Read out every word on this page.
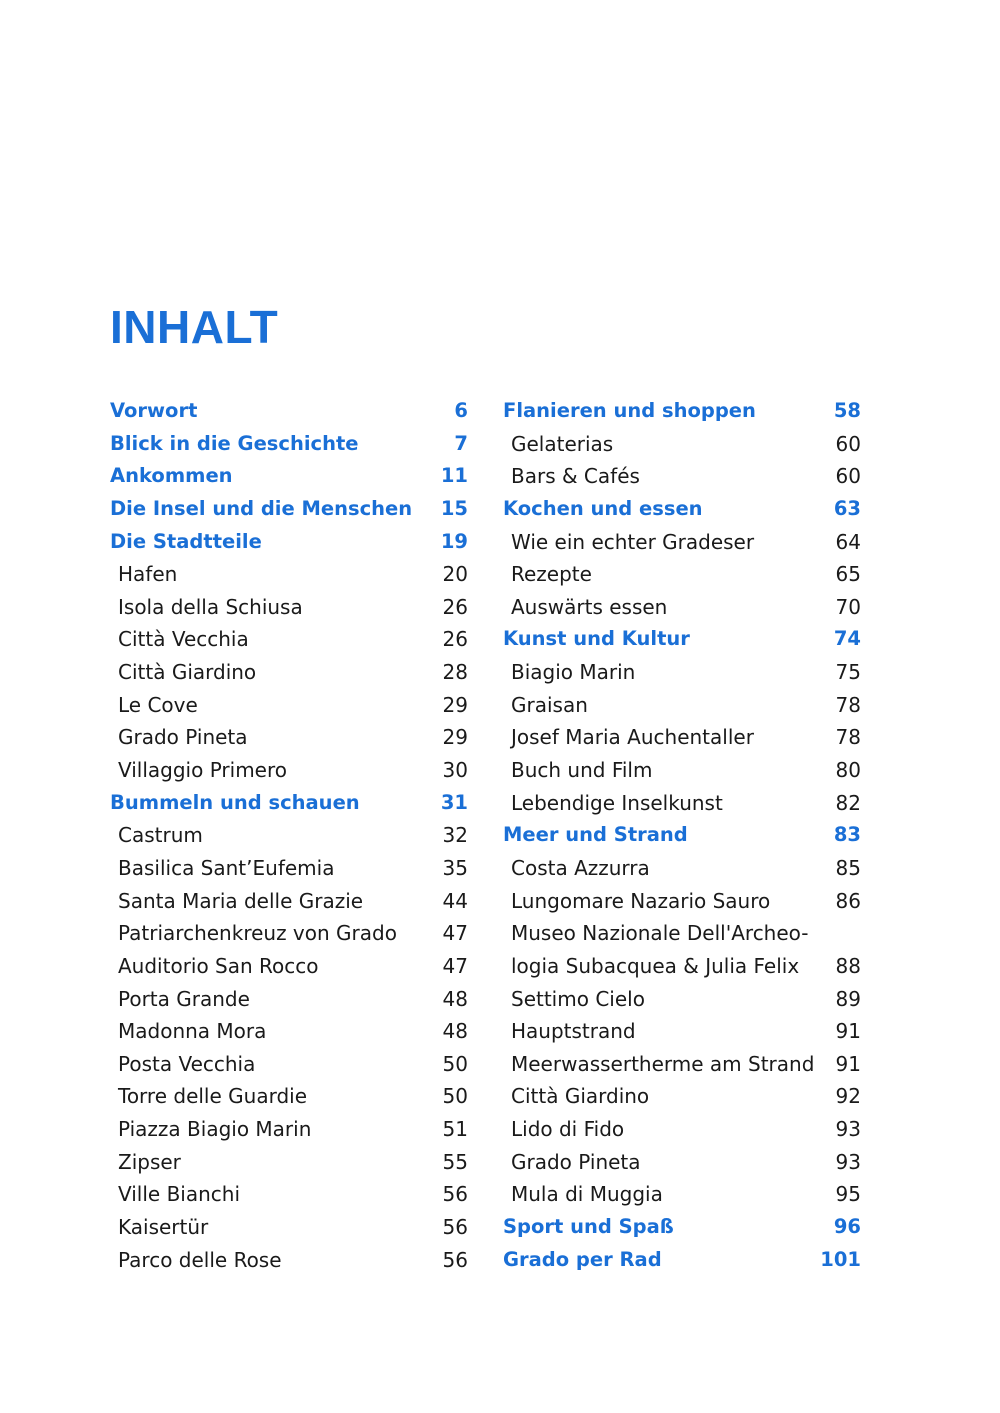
INHALT
Vorwort	6
Blick in die Geschichte	7
Ankommen	11
Die Insel und die Menschen	15
Die Stadtteile	19
Hafen	20
Isola della Schiusa	26
Città Vecchia	26
Città Giardino	28
Le Cove	29
Grado Pineta	29
Villaggio Primero	30
Bummeln und schauen	31
Castrum	32
Basilica Sant’Eufemia	35
Santa Maria delle Grazie	44
Patriarchenkreuz von Grado	47
Auditorio San Rocco	47
Porta Grande	48
Madonna Mora	48
Posta Vecchia	50
Torre delle Guardie	50
Piazza Biagio Marin	51
Zipser	55
Ville Bianchi	56
Kaisertür	56
Parco delle Rose	56
Flanieren und shoppen	58
Gelaterias	60
Bars & Cafés	60
Kochen und essen	63
Wie ein echter Gradeser	64
Rezepte	65
Auswärts essen	70
Kunst und Kultur	74
Biagio Marin	75
Graisan	78
Josef Maria Auchentaller	78
Buch und Film	80
Lebendige Inselkunst	82
Meer und Strand	83
Costa Azzurra	85
Lungomare Nazario Sauro	86
Museo Nazionale Dell'Archeo-
logia Subacquea & Julia Felix	88
Settimo Cielo	89
Hauptstrand	91
Meerwassertherme am Strand	91
Città Giardino	92
Lido di Fido	93
Grado Pineta	93
Mula di Muggia	95
Sport und Spaß	96
Grado per Rad	101
